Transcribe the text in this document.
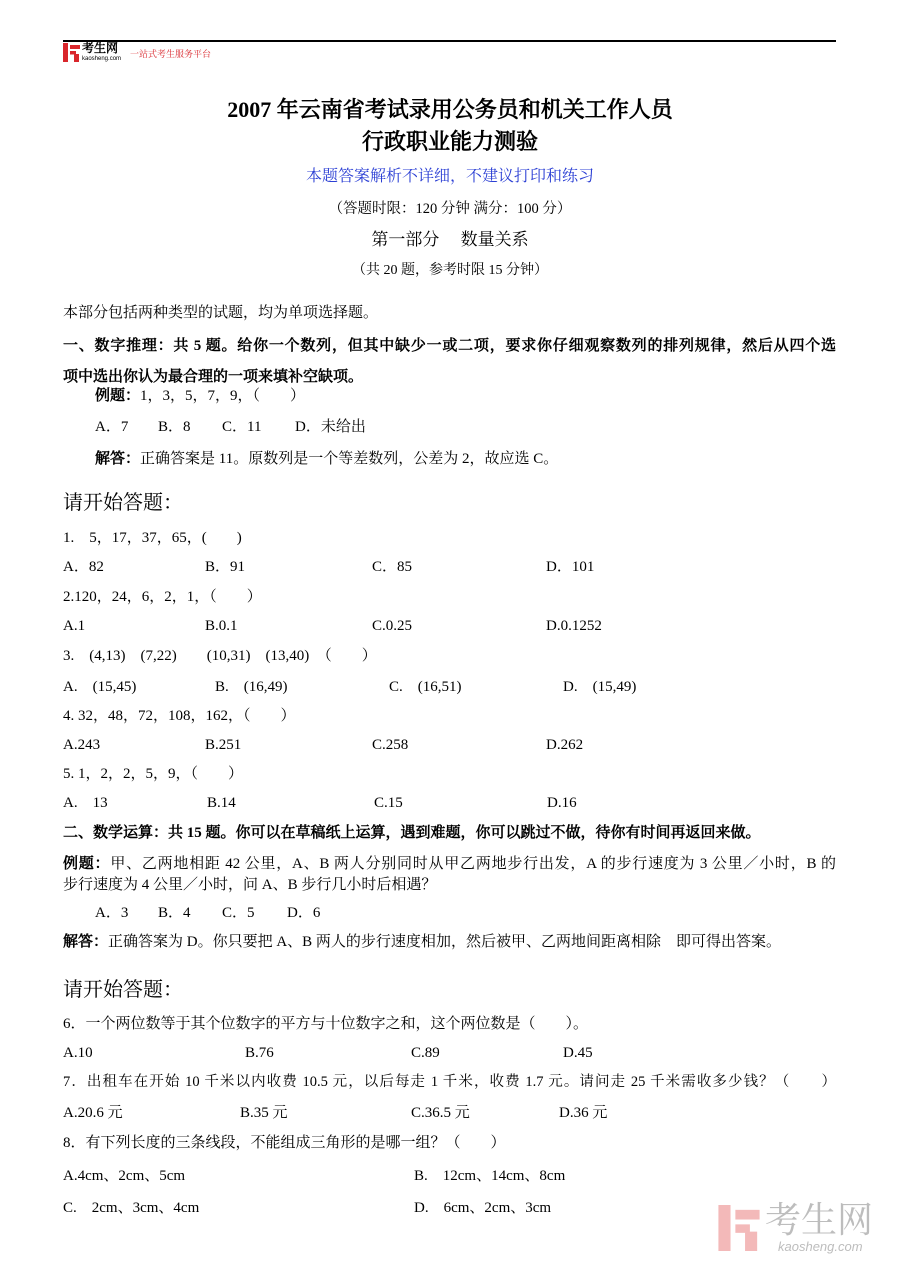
考生网
kaosheng.com 一站式考生服务平台
2007 年云南省考试录用公务员和机关工作人员
行政职业能力测验
本题答案解析不详细，不建议打印和练习
（答题时限：120 分钟 满分：100 分）
第一部分　 数量关系
（共 20 题，参考时限 15 分钟）
本部分包括两种类型的试题，均为单项选择题。
一、数字推理：共 5 题。给你一个数列，但其中缺少一或二项，要求你仔细观察数列的排列规律，然后从四个选
项中选出你认为最合理的一项来填补空缺项。
例题：1，3，5，7，9，（　　）
A．7 B．8 C．11 D．未给出
解答：正确答案是 11。原数列是一个等差数列，公差为 2，故应选 C。
请开始答题：
1.　5，17，37，65，(　　)
A．82	B．91	C．85	D．101
2.120，24，6，2，1，（　　）
A.1	B.0.1	C.0.25	D.0.1252
3.　(4,13)　(7,22)　　(10,31)　(13,40)　（　　）
A.　(15,45)	B.　(16,49)	C.　(16,51)	D.　(15,49)
4. 32，48，72，108，162，（　　）
A.243	B.251	C.258	D.262
5. 1，2，2，5，9，（　　）
A.　13	B.14	C.15	D.16
二、数学运算：共 15 题。你可以在草稿纸上运算，遇到难题，你可以跳过不做，待你有时间再返回来做。
例题：甲、乙两地相距 42 公里，A、B 两人分别同时从甲乙两地步行出发，A 的步行速度为 3 公里／小时，B 的
步行速度为 4 公里／小时，问 A、B 步行几小时后相遇？
A．3 B．4 C．5 D．6
解答：正确答案为 D。你只要把 A、B 两人的步行速度相加，然后被甲、乙两地间距离相除　即可得出答案。
请开始答题：
6．一个两位数等于其个位数字的平方与十位数字之和，这个两位数是（　　）。
A.10	B.76	C.89	D.45
7．出租车在开始 10 千米以内收费 10.5 元，以后每走 1 千米，收费 1.7 元。请问走 25 千米需收多少钱？（　　）
A.20.6 元	B.35 元	C.36.5 元	D.36 元
8．有下列长度的三条线段，不能组成三角形的是哪一组？（　　）
A.4cm、2cm、5cm	B.　12cm、14cm、8cm
C.　2cm、3cm、4cm	D.　6cm、2cm、3cm	考生网
kaosheng.com
